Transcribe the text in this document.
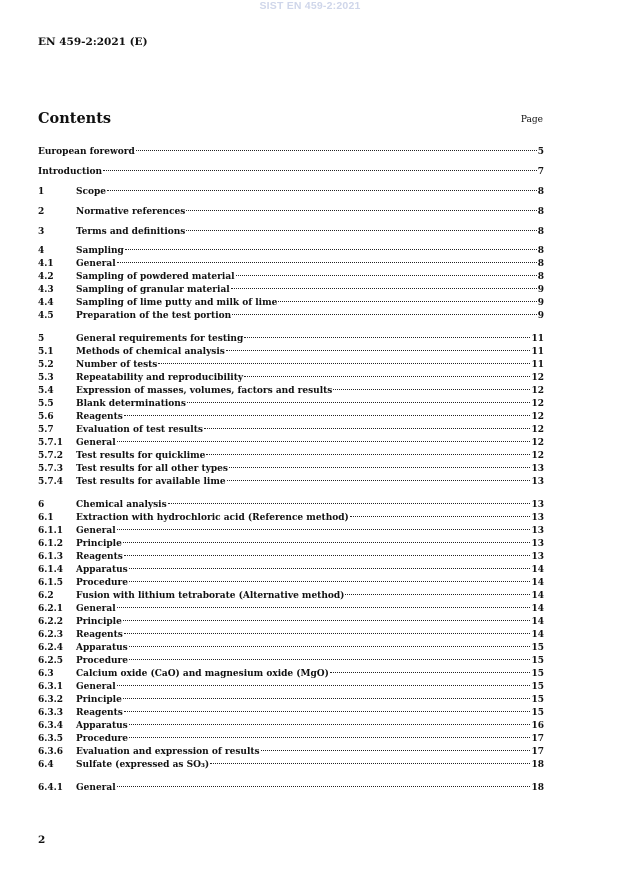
SIST EN 459-2:2021
EN 459-2:2021 (E)
Contents	Page
European foreword	5
Introduction	7
1	Scope	8
2	Normative references	8
3	Terms and definitions	8
4	Sampling	8
4.1	General	8
4.2	Sampling of powdered material	8
4.3	Sampling of granular material	9
4.4	Sampling of lime putty and milk of lime	9
4.5	Preparation of the test portion	9
5	General requirements for testing	11
5.1	Methods of chemical analysis	11
5.2	Number of tests	11
5.3	Repeatability and reproducibility	12
5.4	Expression of masses, volumes, factors and results	12
5.5	Blank determinations	12
5.6	Reagents	12
5.7	Evaluation of test results	12
5.7.1	General	12
5.7.2	Test results for quicklime	12
5.7.3	Test results for all other types	13
5.7.4	Test results for available lime	13
6	Chemical analysis	13
6.1	Extraction with hydrochloric acid (Reference method)	13
6.1.1	General	13
6.1.2	Principle	13
6.1.3	Reagents	13
6.1.4	Apparatus	14
6.1.5	Procedure	14
6.2	Fusion with lithium tetraborate (Alternative method)	14
6.2.1	General	14
6.2.2	Principle	14
6.2.3	Reagents	14
6.2.4	Apparatus	15
6.2.5	Procedure	15
6.3	Calcium oxide (CaO) and magnesium oxide (MgO)	15
6.3.1	General	15
6.3.2	Principle	15
6.3.3	Reagents	15
6.3.4	Apparatus	16
6.3.5	Procedure	17
6.3.6	Evaluation and expression of results	17
6.4	Sulfate (expressed as SO₃)	18
6.4.1	General	18
2
